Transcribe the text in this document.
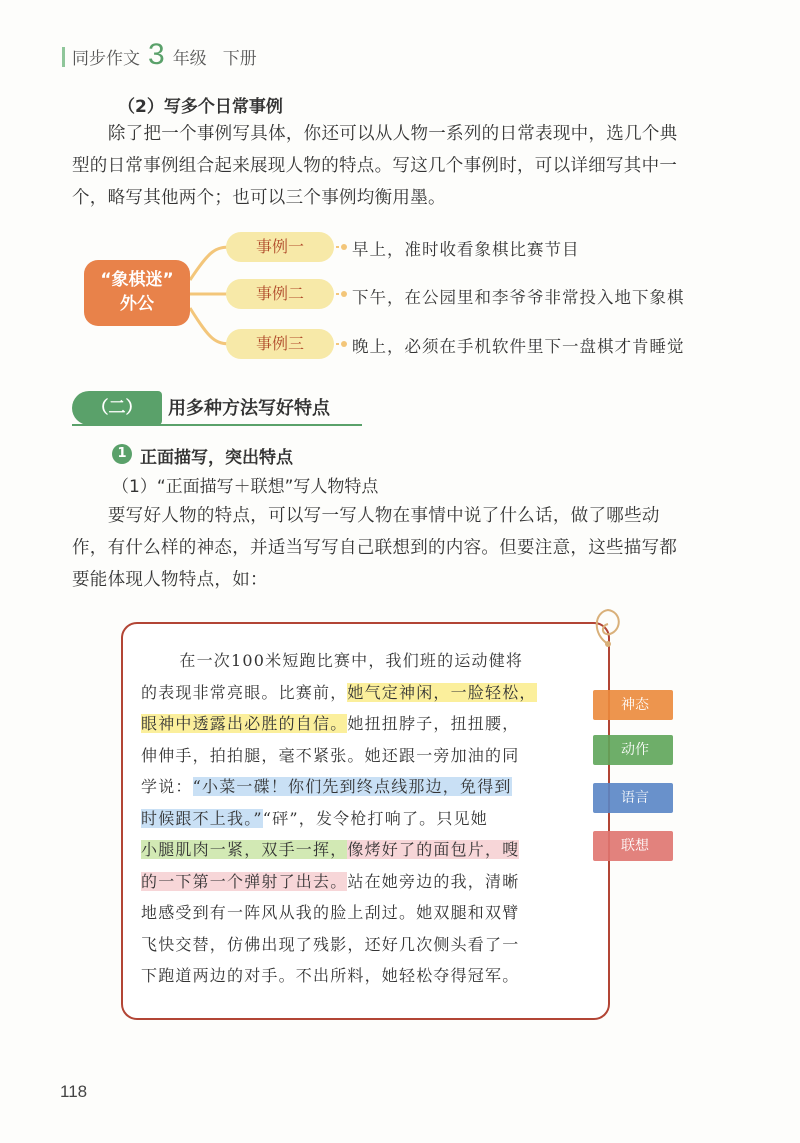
同步作文 3 年级 下册
（2）写多个日常事例
除了把一个事例写具体，你还可以从人物一系列的日常表现中，选几个典
型的日常事例组合起来展现人物的特点。写这几个事例时，可以详细写其中一
个，略写其他两个；也可以三个事例均衡用墨。
“象棋迷”
外公
事例一
事例二
事例三
早上，准时收看象棋比赛节目
下午，在公园里和李爷爷非常投入地下象棋
晚上，必须在手机软件里下一盘棋才肯睡觉
（二）	用多种方法写好特点
1 正面描写，突出特点
（1）“正面描写＋联想”写人物特点
要写好人物的特点，可以写一写人物在事情中说了什么话，做了哪些动
作，有什么样的神态，并适当写写自己联想到的内容。但要注意，这些描写都
要能体现人物特点，如：
在一次100米短跑比赛中，我们班的运动健将
的表现非常亮眼。比赛前，她气定神闲，一脸轻松，
眼神中透露出必胜的自信。她扭扭脖子，扭扭腰，
伸伸手，拍拍腿，毫不紧张。她还跟一旁加油的同
学说：“小菜一碟！你们先到终点线那边，免得到
时候跟不上我。”“砰”，发令枪打响了。只见她
小腿肌肉一紧，双手一挥，像烤好了的面包片，嗖
的一下第一个弹射了出去。站在她旁边的我，清晰
地感受到有一阵风从我的脸上刮过。她双腿和双臂
飞快交替，仿佛出现了残影，还好几次侧头看了一
下跑道两边的对手。不出所料，她轻松夺得冠军。
神态
动作
语言
联想
118
